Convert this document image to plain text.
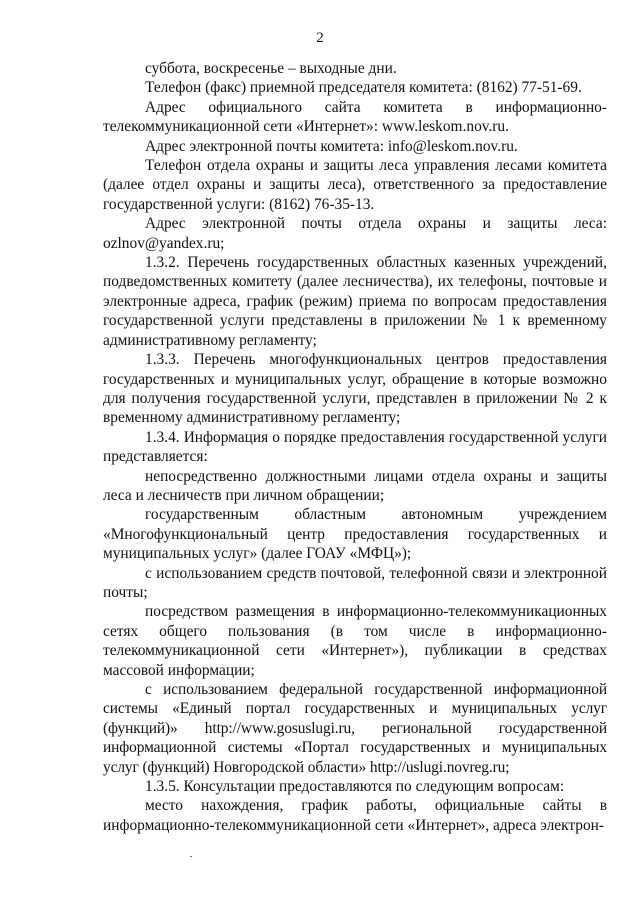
2

суббота, воскресенье – выходные дни.

Телефон (факс) приемной председателя комитета: (8162) 77-51-69.

Адрес официального сайта комитета в информационно-телекоммуникационной сети «Интернет»: www.leskom.nov.ru.

Адрес электронной почты комитета: info@leskom.nov.ru.

Телефон отдела охраны и защиты леса управления лесами комитета (далее отдел охраны и защиты леса), ответственного за предоставление государственной услуги: (8162) 76-35-13.

Адрес электронной почты отдела охраны и защиты леса: ozlnov@yandex.ru;

1.3.2. Перечень государственных областных казенных учреждений, подведомственных комитету (далее лесничества), их телефоны, почтовые и электронные адреса, график (режим) приема по вопросам предоставления государственной услуги представлены в приложении № 1 к временному административному регламенту;

1.3.3. Перечень многофункциональных центров предоставления государственных и муниципальных услуг, обращение в которые возможно для получения государственной услуги, представлен в приложении № 2 к временному административному регламенту;

1.3.4. Информация о порядке предоставления государственной услуги представляется:

непосредственно должностными лицами отдела охраны и защиты леса и лесничеств при личном обращении;

государственным областным автономным учреждением «Многофункциональный центр предоставления государственных и муниципальных услуг» (далее ГОАУ «МФЦ»);

с использованием средств почтовой, телефонной связи и электронной почты;

посредством размещения в информационно-телекоммуникационных сетях общего пользования (в том числе в информационно-телекоммуникационной сети «Интернет»), публикации в средствах массовой информации;

с использованием федеральной государственной информационной системы «Единый портал государственных и муниципальных услуг (функций)» http://www.gosuslugi.ru, региональной государственной информационной системы «Портал государственных и муниципальных услуг (функций) Новгородской области» http://uslugi.novreg.ru;

1.3.5. Консультации предоставляются по следующим вопросам:

место нахождения, график работы, официальные сайты в информационно-телекоммуникационной сети «Интернет», адреса электрон-
